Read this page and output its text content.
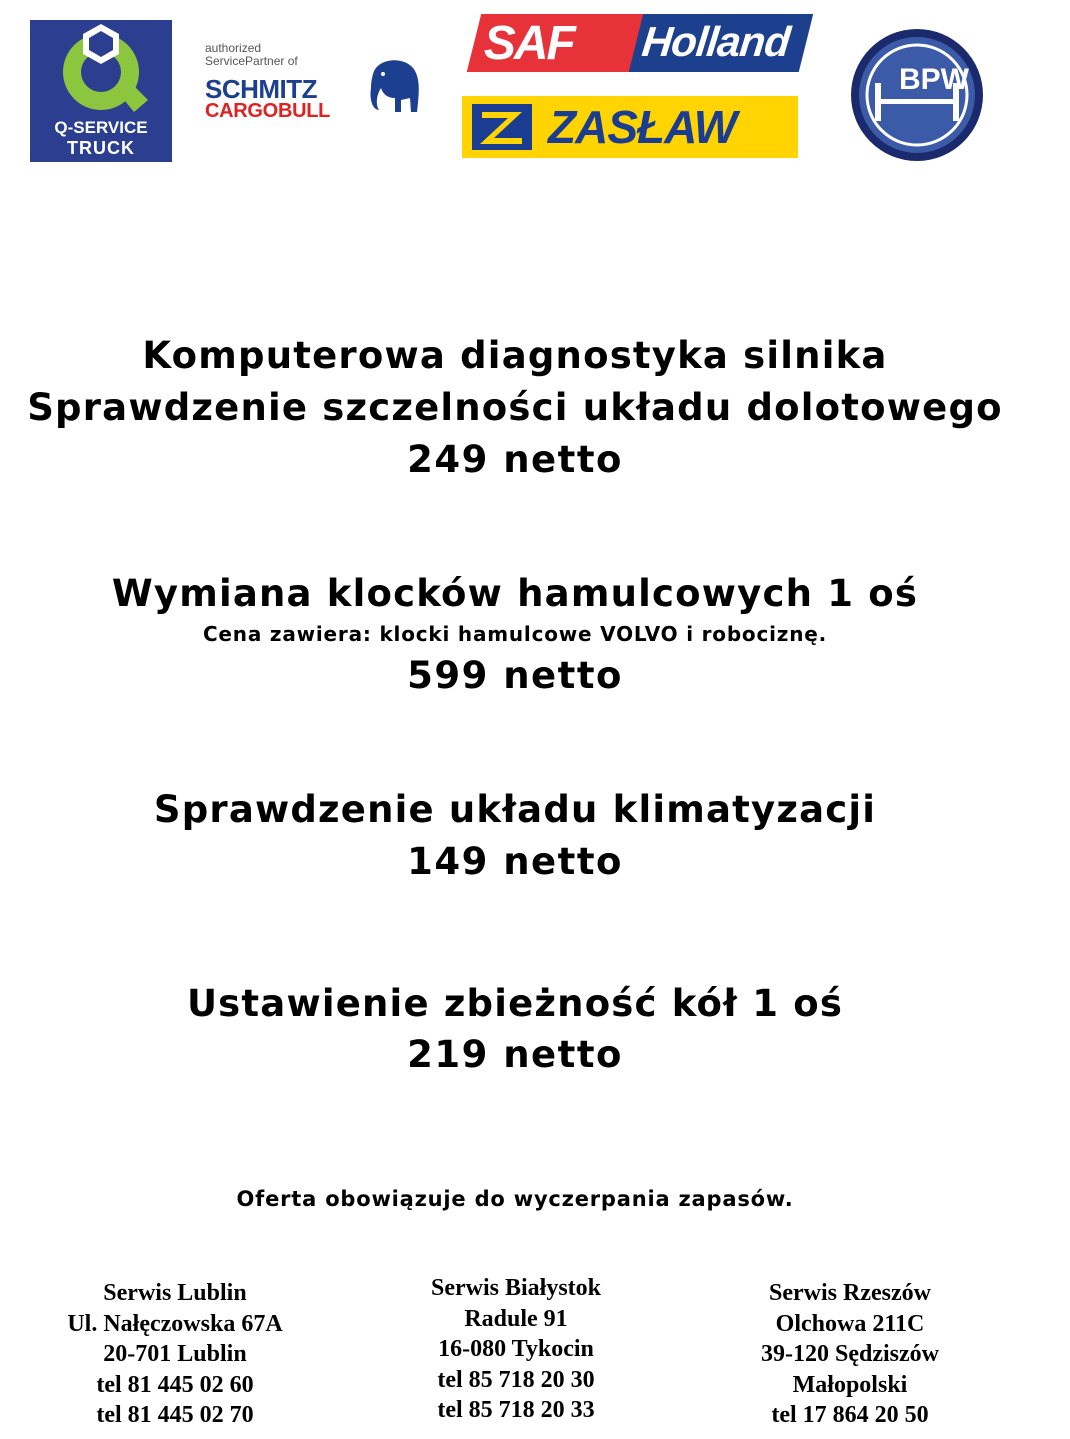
Q-SERVICE
TRUCK
authorized
ServicePartner of
SCHMITZ
CARGOBULL
SAF Holland
ZASŁAW
BPW
Komputerowa diagnostyka silnika
Sprawdzenie szczelności układu dolotowego
249 netto
Wymiana klocków hamulcowych 1 oś
Cena zawiera: klocki hamulcowe VOLVO i robociznę.
599 netto
Sprawdzenie układu klimatyzacji
149 netto
Ustawienie zbieżność kół 1 oś
219 netto
Oferta obowiązuje do wyczerpania zapasów.
Serwis Lublin
Ul. Nałęczowska 67A
20-701 Lublin
tel 81 445 02 60
tel 81 445 02 70
Serwis Białystok
Radule 91
16-080 Tykocin
tel 85 718 20 30
tel 85 718 20 33
Serwis Rzeszów
Olchowa 211C
39-120 Sędziszów
Małopolski
tel 17 864 20 50
